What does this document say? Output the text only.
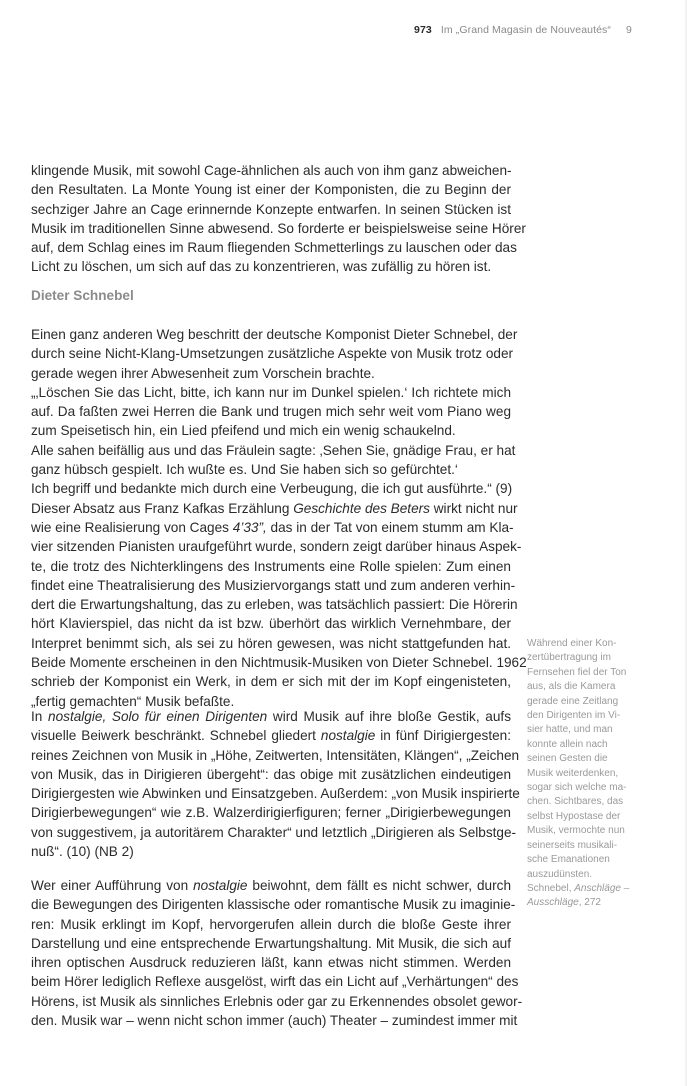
973 Im „Grand Magasin de Nouveautés“ 9
klingende Musik, mit sowohl Cage-ähnlichen als auch von ihm ganz abweichen-
den Resultaten. La Monte Young ist einer der Komponisten, die zu Beginn der
sechziger Jahre an Cage erinnernde Konzepte entwarfen. In seinen Stücken ist
Musik im traditionellen Sinne abwesend. So forderte er beispielsweise seine Hörer
auf, dem Schlag eines im Raum fliegenden Schmetterlings zu lauschen oder das
Licht zu löschen, um sich auf das zu konzentrieren, was zufällig zu hören ist.
Dieter Schnebel
Einen ganz anderen Weg beschritt der deutsche Komponist Dieter Schnebel, der
durch seine Nicht-Klang-Umsetzungen zusätzliche Aspekte von Musik trotz oder
gerade wegen ihrer Abwesenheit zum Vorschein brachte.
„‚Löschen Sie das Licht, bitte, ich kann nur im Dunkel spielen.‘ Ich richtete mich
auf. Da faßten zwei Herren die Bank und trugen mich sehr weit vom Piano weg
zum Speisetisch hin, ein Lied pfeifend und mich ein wenig schaukelnd.
Alle sahen beifällig aus und das Fräulein sagte: ‚Sehen Sie, gnädige Frau, er hat
ganz hübsch gespielt. Ich wußte es. Und Sie haben sich so gefürchtet.‘
Ich begriff und bedankte mich durch eine Verbeugung, die ich gut ausführte.“ (9)
Dieser Absatz aus Franz Kafkas Erzählung Geschichte des Beters wirkt nicht nur
wie eine Realisierung von Cages 4’33”, das in der Tat von einem stumm am Kla-
vier sitzenden Pianisten uraufgeführt wurde, sondern zeigt darüber hinaus Aspek-
te, die trotz des Nichterklingens des Instruments eine Rolle spielen: Zum einen
findet eine Theatralisierung des Musiziervorgangs statt und zum anderen verhin-
dert die Erwartungshaltung, das zu erleben, was tatsächlich passiert: Die Hörerin
hört Klavierspiel, das nicht da ist bzw. überhört das wirklich Vernehmbare, der
Interpret benimmt sich, als sei zu hören gewesen, was nicht stattgefunden hat.
Beide Momente erscheinen in den Nichtmusik-Musiken von Dieter Schnebel. 1962
schrieb der Komponist ein Werk, in dem er sich mit der im Kopf eingenisteten,
„fertig gemachten“ Musik befaßte.
In nostalgie, Solo für einen Dirigenten wird Musik auf ihre bloße Gestik, aufs
visuelle Beiwerk beschränkt. Schnebel gliedert nostalgie in fünf Dirigiergesten:
reines Zeichnen von Musik in „Höhe, Zeitwerten, Intensitäten, Klängen“, „Zeichen
von Musik, das in Dirigieren übergeht“: das obige mit zusätzlichen eindeutigen
Dirigiergesten wie Abwinken und Einsatzgeben. Außerdem: „von Musik inspirierte
Dirigierbewegungen“ wie z.B. Walzerdirigierfiguren; ferner „Dirigierbewegungen
von suggestivem, ja autoritärem Charakter“ und letztlich „Dirigieren als Selbstge-
nuß“. (10) (NB 2)
Wer einer Aufführung von nostalgie beiwohnt, dem fällt es nicht schwer, durch
die Bewegungen des Dirigenten klassische oder romantische Musik zu imaginie-
ren: Musik erklingt im Kopf, hervorgerufen allein durch die bloße Geste ihrer
Darstellung und eine entsprechende Erwartungshaltung. Mit Musik, die sich auf
ihren optischen Ausdruck reduzieren läßt, kann etwas nicht stimmen. Werden
beim Hörer lediglich Reflexe ausgelöst, wirft das ein Licht auf „Verhärtungen“ des
Hörens, ist Musik als sinnliches Erlebnis oder gar zu Erkennendes obsolet gewor-
den. Musik war – wenn nicht schon immer (auch) Theater – zumindest immer mit
Während einer Kon-
zertübertragung im
Fernsehen fiel der Ton
aus, als die Kamera
gerade eine Zeitlang
den Dirigenten im Vi-
sier hatte, und man
konnte allein nach
seinen Gesten die
Musik weiterdenken,
sogar sich welche ma-
chen. Sichtbares, das
selbst Hypostase der
Musik, vermochte nun
seinerseits musikali-
sche Emanationen
auszudünsten.
Schnebel, Anschläge –
Ausschläge, 272
